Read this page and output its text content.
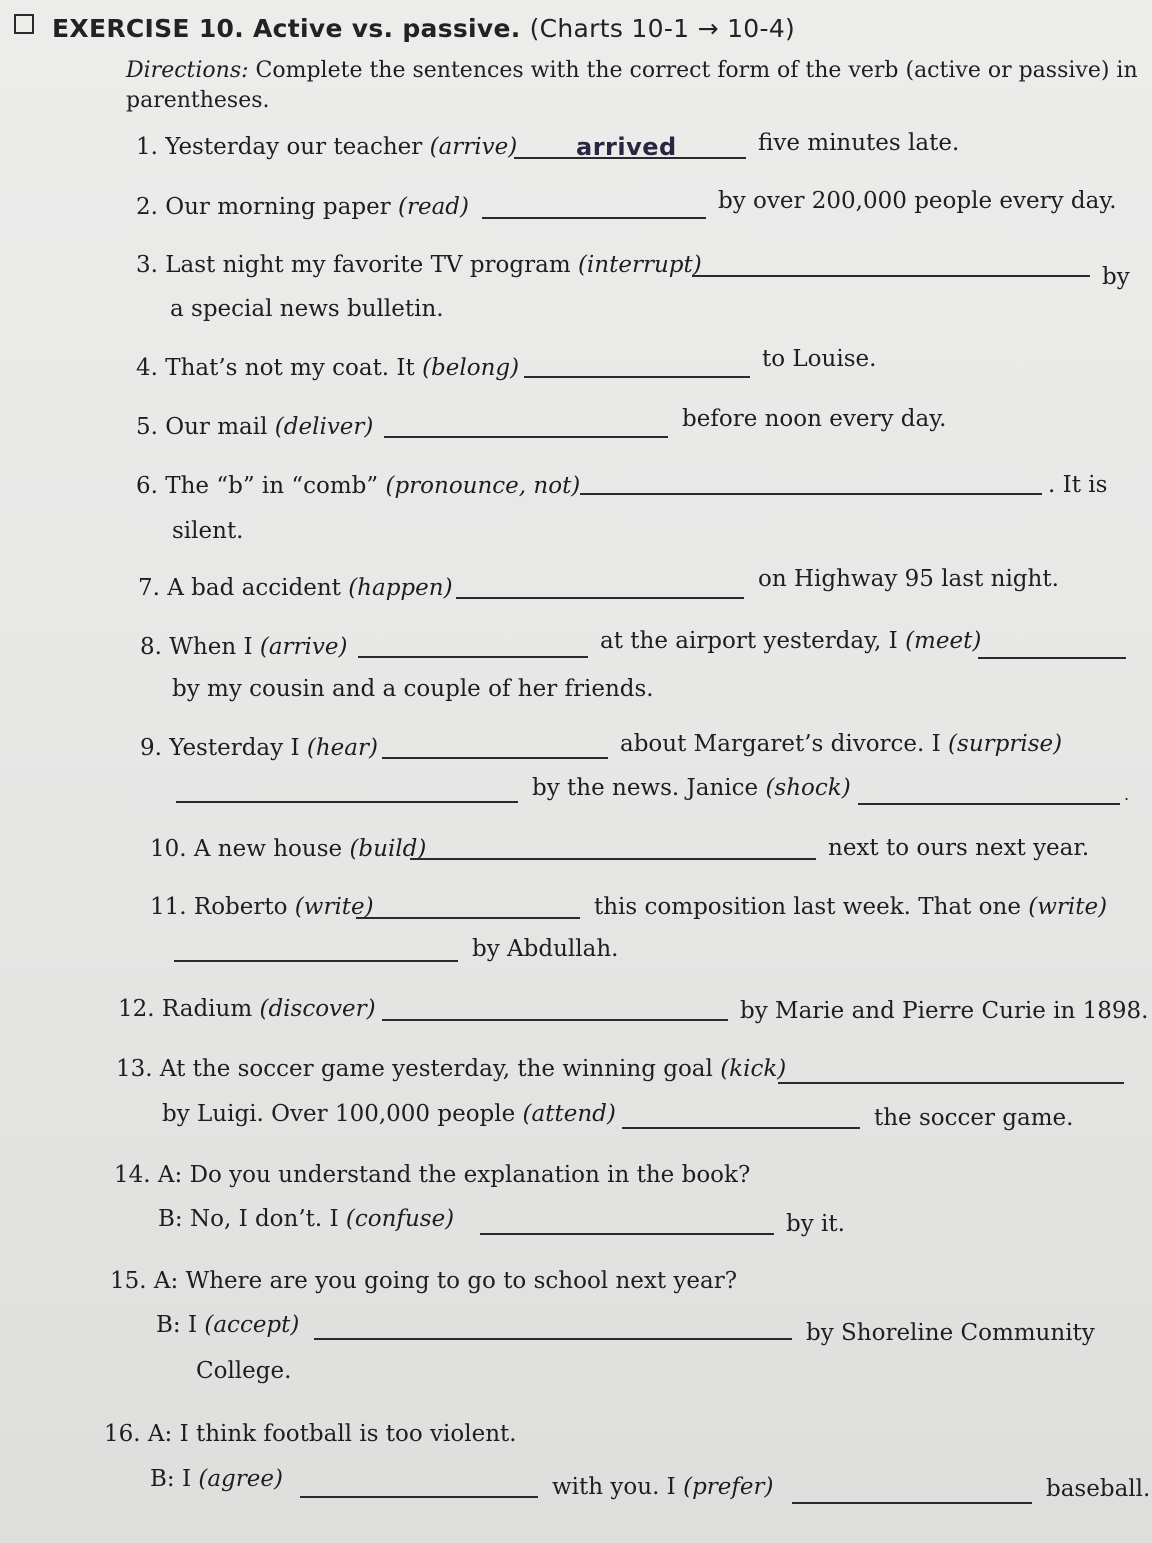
EXERCISE 10. Active vs. passive. (Charts 10-1 → 10-4)
Directions: Complete the sentences with the correct form of the verb (active or passive) in
parentheses.
1. Yesterday our teacher (arrive) arrived	five minutes late.
2. Our morning paper (read)	by over 200,000 people every day.
3. Last night my favorite TV program (interrupt)	by
a special news bulletin.
4. That’s not my coat. It (belong)	to Louise.
5. Our mail (deliver)	before noon every day.
6. The “b” in “comb” (pronounce, not)	. It is
silent.
7. A bad accident (happen)	on Highway 95 last night.
8. When I (arrive)	at the airport yesterday, I (meet)
by my cousin and a couple of her friends.
9. Yesterday I (hear)	about Margaret’s divorce. I (surprise)
by the news. Janice (shock)	.
10. A new house (build)	next to ours next year.
11. Roberto (write)	this composition last week. That one (write)
by Abdullah.
12. Radium (discover)	by Marie and Pierre Curie in 1898.
13. At the soccer game yesterday, the winning goal (kick)
by Luigi. Over 100,000 people (attend)	the soccer game.
14. A: Do you understand the explanation in the book?
B: No, I don’t. I (confuse)	by it.
15. A: Where are you going to go to school next year?
B: I (accept)	by Shoreline Community
College.
16. A: I think football is too violent.
B: I (agree)	with you. I (prefer)	baseball.
